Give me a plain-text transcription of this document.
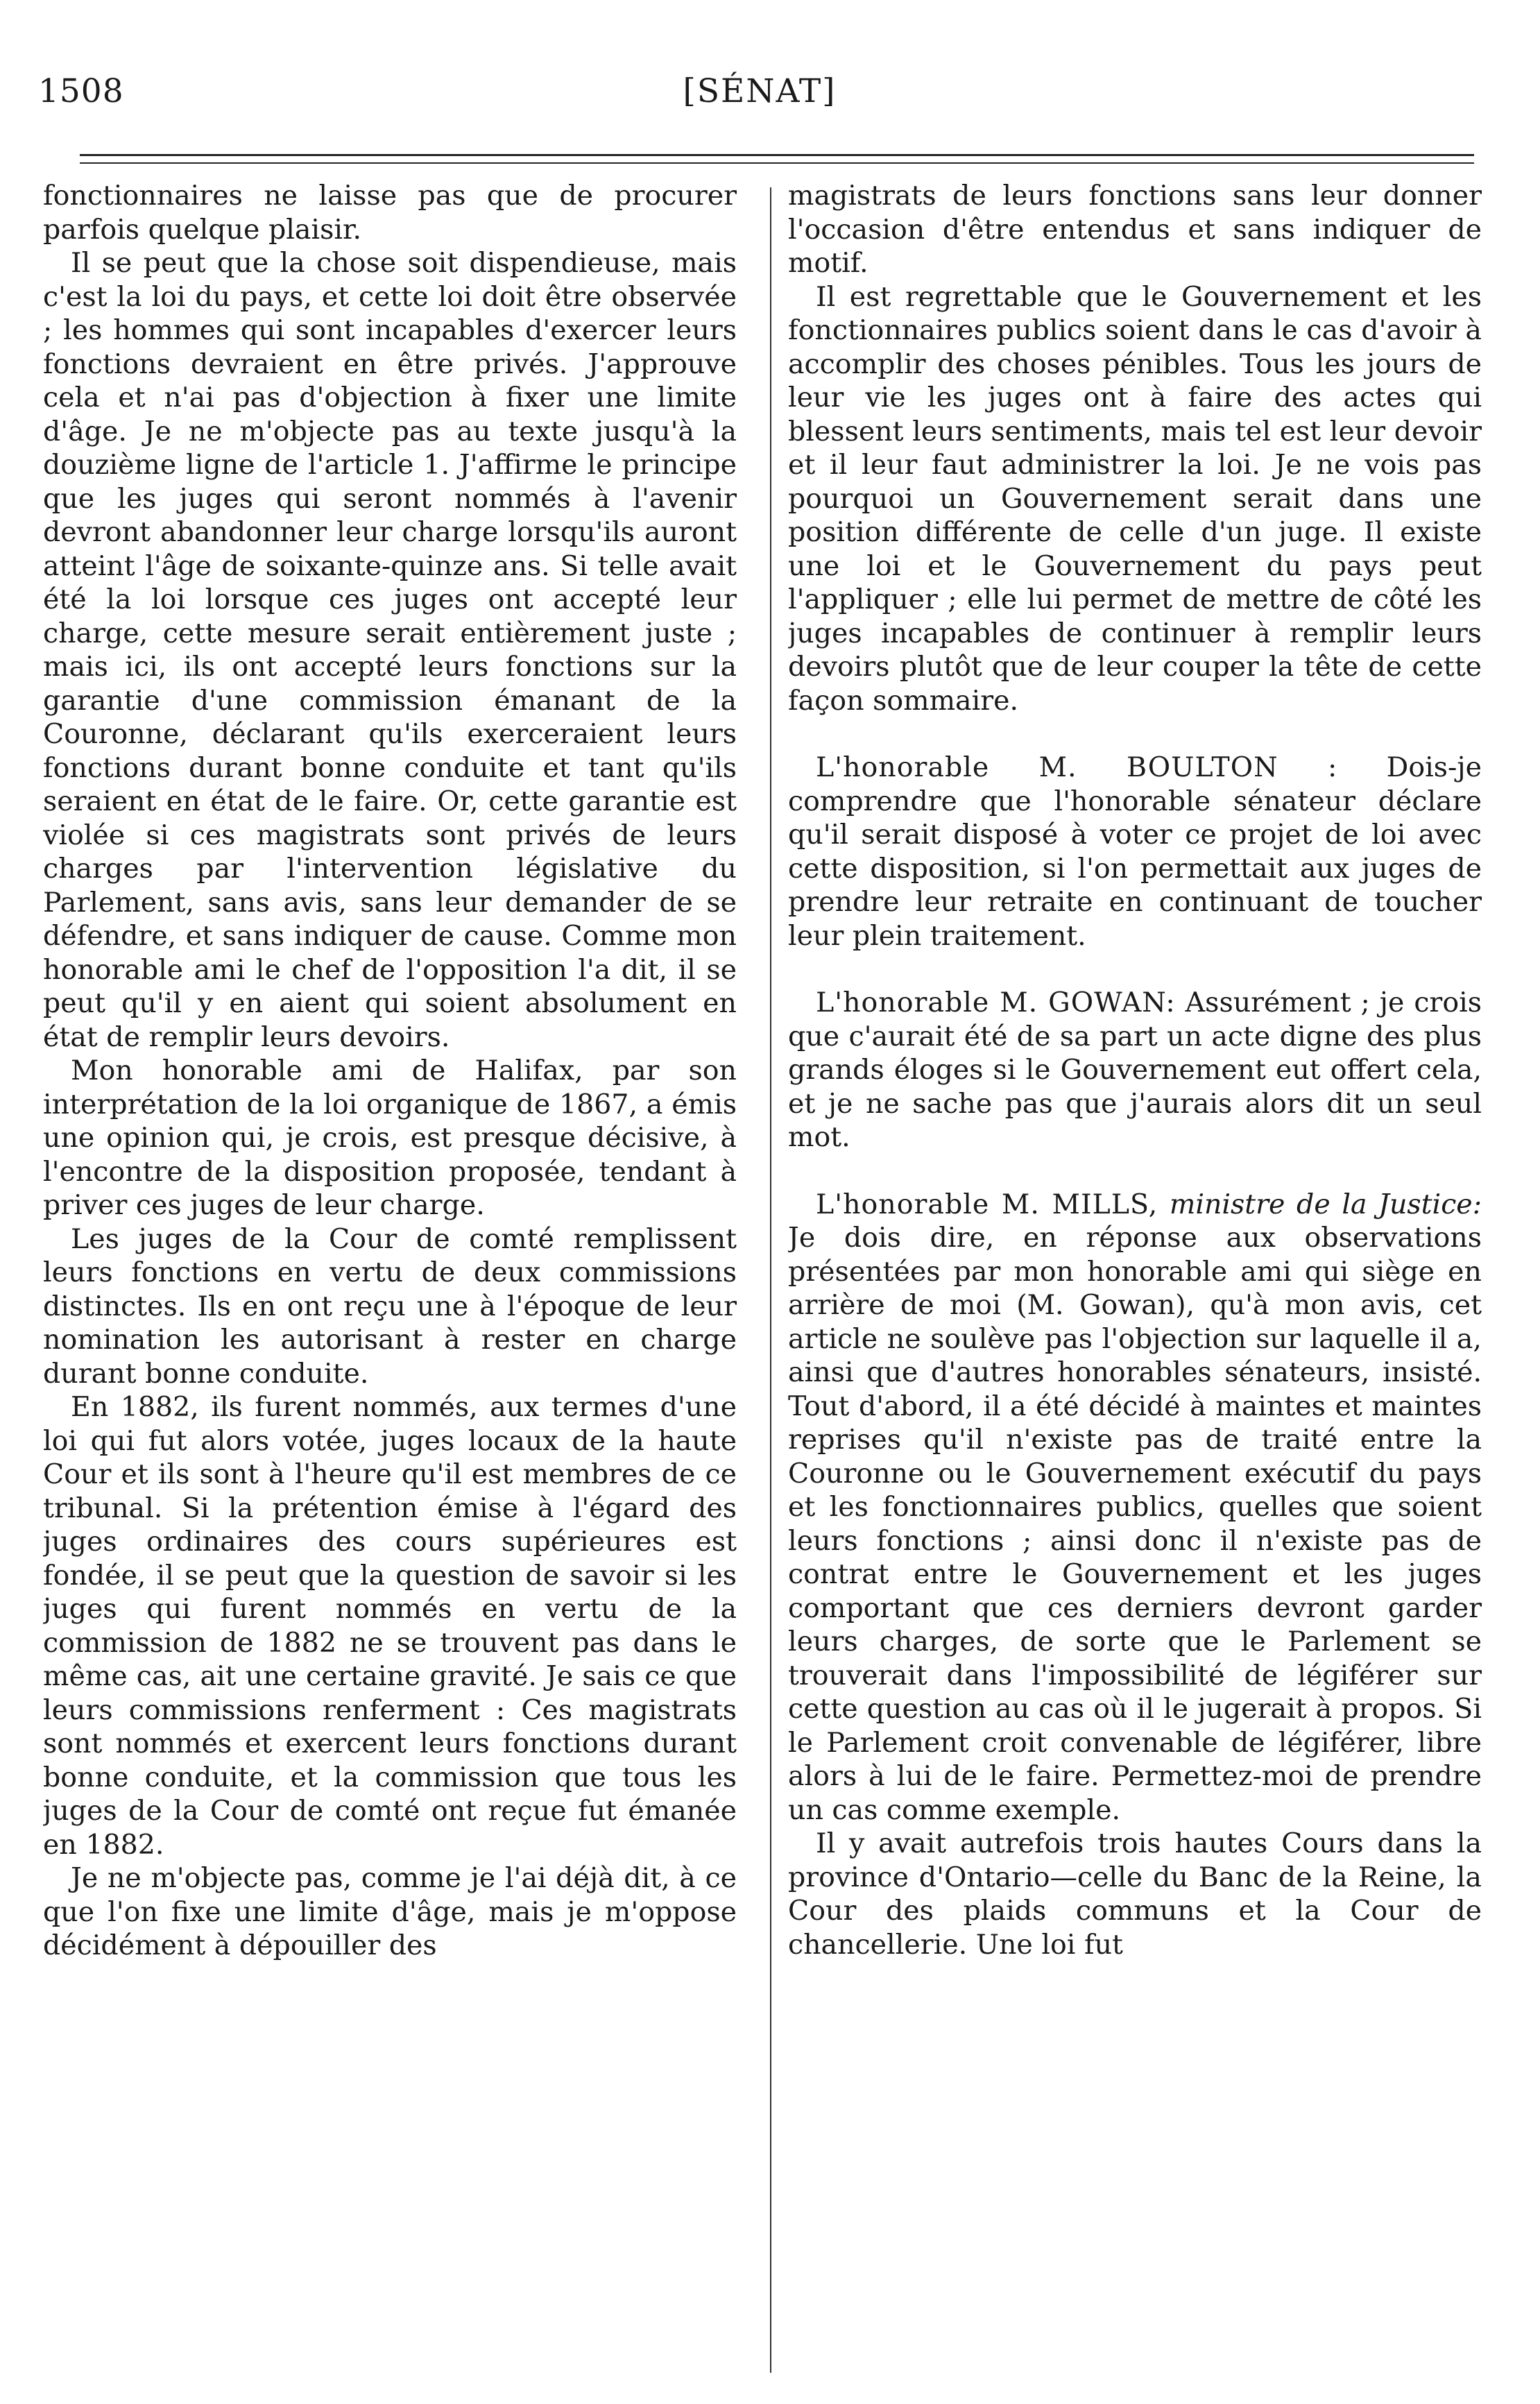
1508	[SÉNAT]

fonctionnaires ne laisse pas que de procurer parfois quelque plaisir.

Il se peut que la chose soit dispendieuse, mais c'est la loi du pays, et cette loi doit être observée ; les hommes qui sont incapables d'exercer leurs fonctions devraient en être privés. J'approuve cela et n'ai pas d'objection à fixer une limite d'âge. Je ne m'objecte pas au texte jusqu'à la douzième ligne de l'article 1. J'affirme le principe que les juges qui seront nommés à l'avenir devront abandonner leur charge lorsqu'ils auront atteint l'âge de soixante-quinze ans. Si telle avait été la loi lorsque ces juges ont accepté leur charge, cette mesure serait entièrement juste ; mais ici, ils ont accepté leurs fonctions sur la garantie d'une commission émanant de la Couronne, déclarant qu'ils exerceraient leurs fonctions durant bonne conduite et tant qu'ils seraient en état de le faire. Or, cette garantie est violée si ces magistrats sont privés de leurs charges par l'intervention législative du Parlement, sans avis, sans leur demander de se défendre, et sans indiquer de cause. Comme mon honorable ami le chef de l'opposition l'a dit, il se peut qu'il y en aient qui soient absolument en état de remplir leurs devoirs.

Mon honorable ami de Halifax, par son interprétation de la loi organique de 1867, a émis une opinion qui, je crois, est presque décisive, à l'encontre de la disposition proposée, tendant à priver ces juges de leur charge.

Les juges de la Cour de comté remplissent leurs fonctions en vertu de deux commissions distinctes. Ils en ont reçu une à l'époque de leur nomination les autorisant à rester en charge durant bonne conduite.

En 1882, ils furent nommés, aux termes d'une loi qui fut alors votée, juges locaux de la haute Cour et ils sont à l'heure qu'il est membres de ce tribunal. Si la prétention émise à l'égard des juges ordinaires des cours supérieures est fondée, il se peut que la question de savoir si les juges qui furent nommés en vertu de la commission de 1882 ne se trouvent pas dans le même cas, ait une certaine gravité. Je sais ce que leurs commissions renferment : Ces magistrats sont nommés et exercent leurs fonctions durant bonne conduite, et la commission que tous les juges de la Cour de comté ont reçue fut émanée en 1882.

Je ne m'objecte pas, comme je l'ai déjà dit, à ce que l'on fixe une limite d'âge, mais je m'oppose décidément à dépouiller des

magistrats de leurs fonctions sans leur donner l'occasion d'être entendus et sans indiquer de motif.

Il est regrettable que le Gouvernement et les fonctionnaires publics soient dans le cas d'avoir à accomplir des choses pénibles. Tous les jours de leur vie les juges ont à faire des actes qui blessent leurs sentiments, mais tel est leur devoir et il leur faut administrer la loi. Je ne vois pas pourquoi un Gouvernement serait dans une position différente de celle d'un juge. Il existe une loi et le Gouvernement du pays peut l'appliquer ; elle lui permet de mettre de côté les juges incapables de continuer à remplir leurs devoirs plutôt que de leur couper la tête de cette façon sommaire.

L'honorable M. BOULTON : Dois-je comprendre que l'honorable sénateur déclare qu'il serait disposé à voter ce projet de loi avec cette disposition, si l'on permettait aux juges de prendre leur retraite en continuant de toucher leur plein traitement.

L'honorable M. GOWAN: Assurément ; je crois que c'aurait été de sa part un acte digne des plus grands éloges si le Gouvernement eut offert cela, et je ne sache pas que j'aurais alors dit un seul mot.

L'honorable M. MILLS, ministre de la Justice: Je dois dire, en réponse aux observations présentées par mon honorable ami qui siège en arrière de moi (M. Gowan), qu'à mon avis, cet article ne soulève pas l'objection sur laquelle il a, ainsi que d'autres honorables sénateurs, insisté. Tout d'abord, il a été décidé à maintes et maintes reprises qu'il n'existe pas de traité entre la Couronne ou le Gouvernement exécutif du pays et les fonctionnaires publics, quelles que soient leurs fonctions ; ainsi donc il n'existe pas de contrat entre le Gouvernement et les juges comportant que ces derniers devront garder leurs charges, de sorte que le Parlement se trouverait dans l'impossibilité de légiférer sur cette question au cas où il le jugerait à propos. Si le Parlement croit convenable de légiférer, libre alors à lui de le faire. Permettez-moi de prendre un cas comme exemple.

Il y avait autrefois trois hautes Cours dans la province d'Ontario—celle du Banc de la Reine, la Cour des plaids communs et la Cour de chancellerie. Une loi fut
